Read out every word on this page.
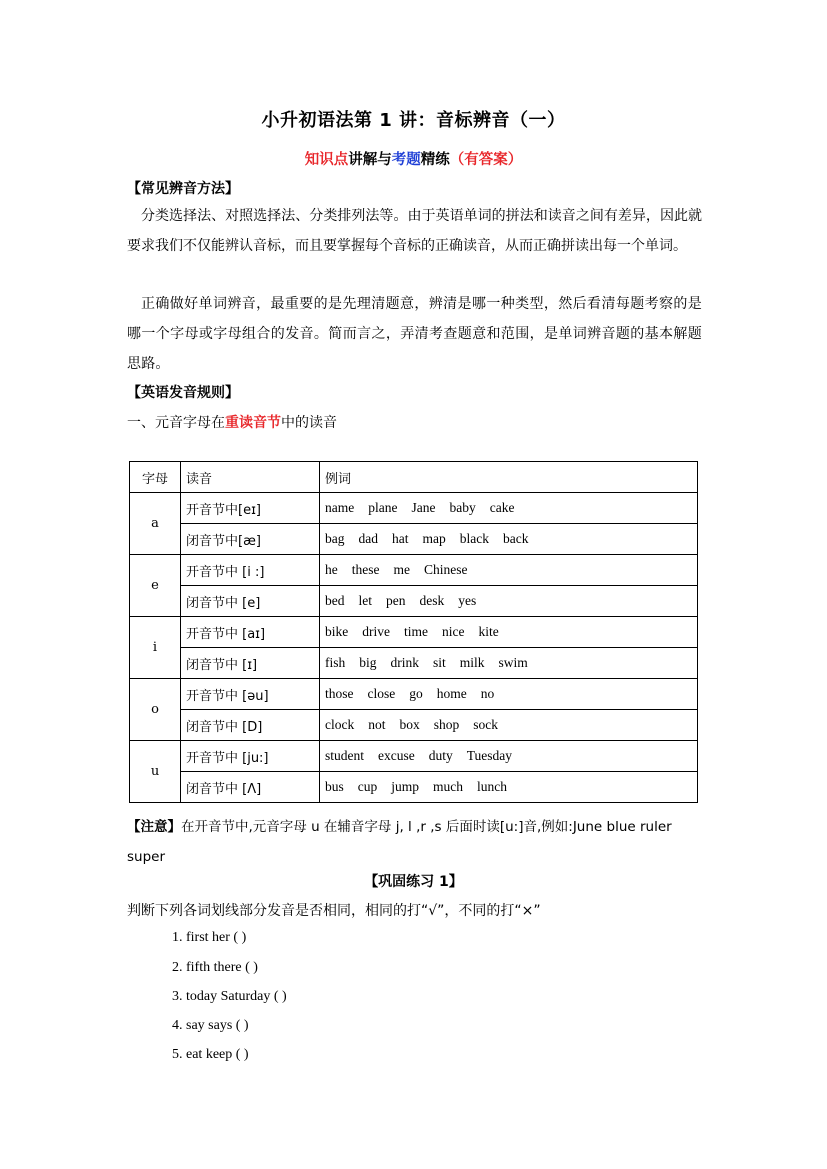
小升初语法第 1 讲：音标辨音（一）
知识点讲解与考题精练（有答案）
【常见辨音方法】
分类选择法、对照选择法、分类排列法等。由于英语单词的拼法和读音之间有差异，因此就要求我们不仅能辨认音标，而且要掌握每个音标的正确读音，从而正确拼读出每一个单词。
正确做好单词辨音，最重要的是先理清题意，辨清是哪一种类型，然后看清每题考察的是哪一个字母或字母组合的发音。简而言之，弄清考查题意和范围，是单词辨音题的基本解题思路。
【英语发音规则】
一、元音字母在重读音节中的读音
字母	读音	例词
a	开音节中[eɪ]	name plane Jane baby cake
	闭音节中[æ]	bag dad hat map black back
e	开音节中 [i :]	he these me Chinese
	闭音节中 [e]	bed let pen desk yes
i	开音节中 [aɪ]	bike drive time nice kite
	闭音节中 [ɪ]	fish big drink sit milk swim
o	开音节中 [əu]	those close go home no
	闭音节中 [D]	clock not box shop sock
u	开音节中 [ju:]	student excuse duty Tuesday
	闭音节中 [Λ]	bus cup jump much lunch
【注意】在开音节中,元音字母 u 在辅音字母 j, l ,r ,s 后面时读[u:]音,例如:June blue ruler super
【巩固练习 1】
判断下列各词划线部分发音是否相同，相同的打“√”，不同的打“×”
1. first her ( )
2. fifth there ( )
3. today Saturday ( )
4. say says ( )
5. eat keep ( )
